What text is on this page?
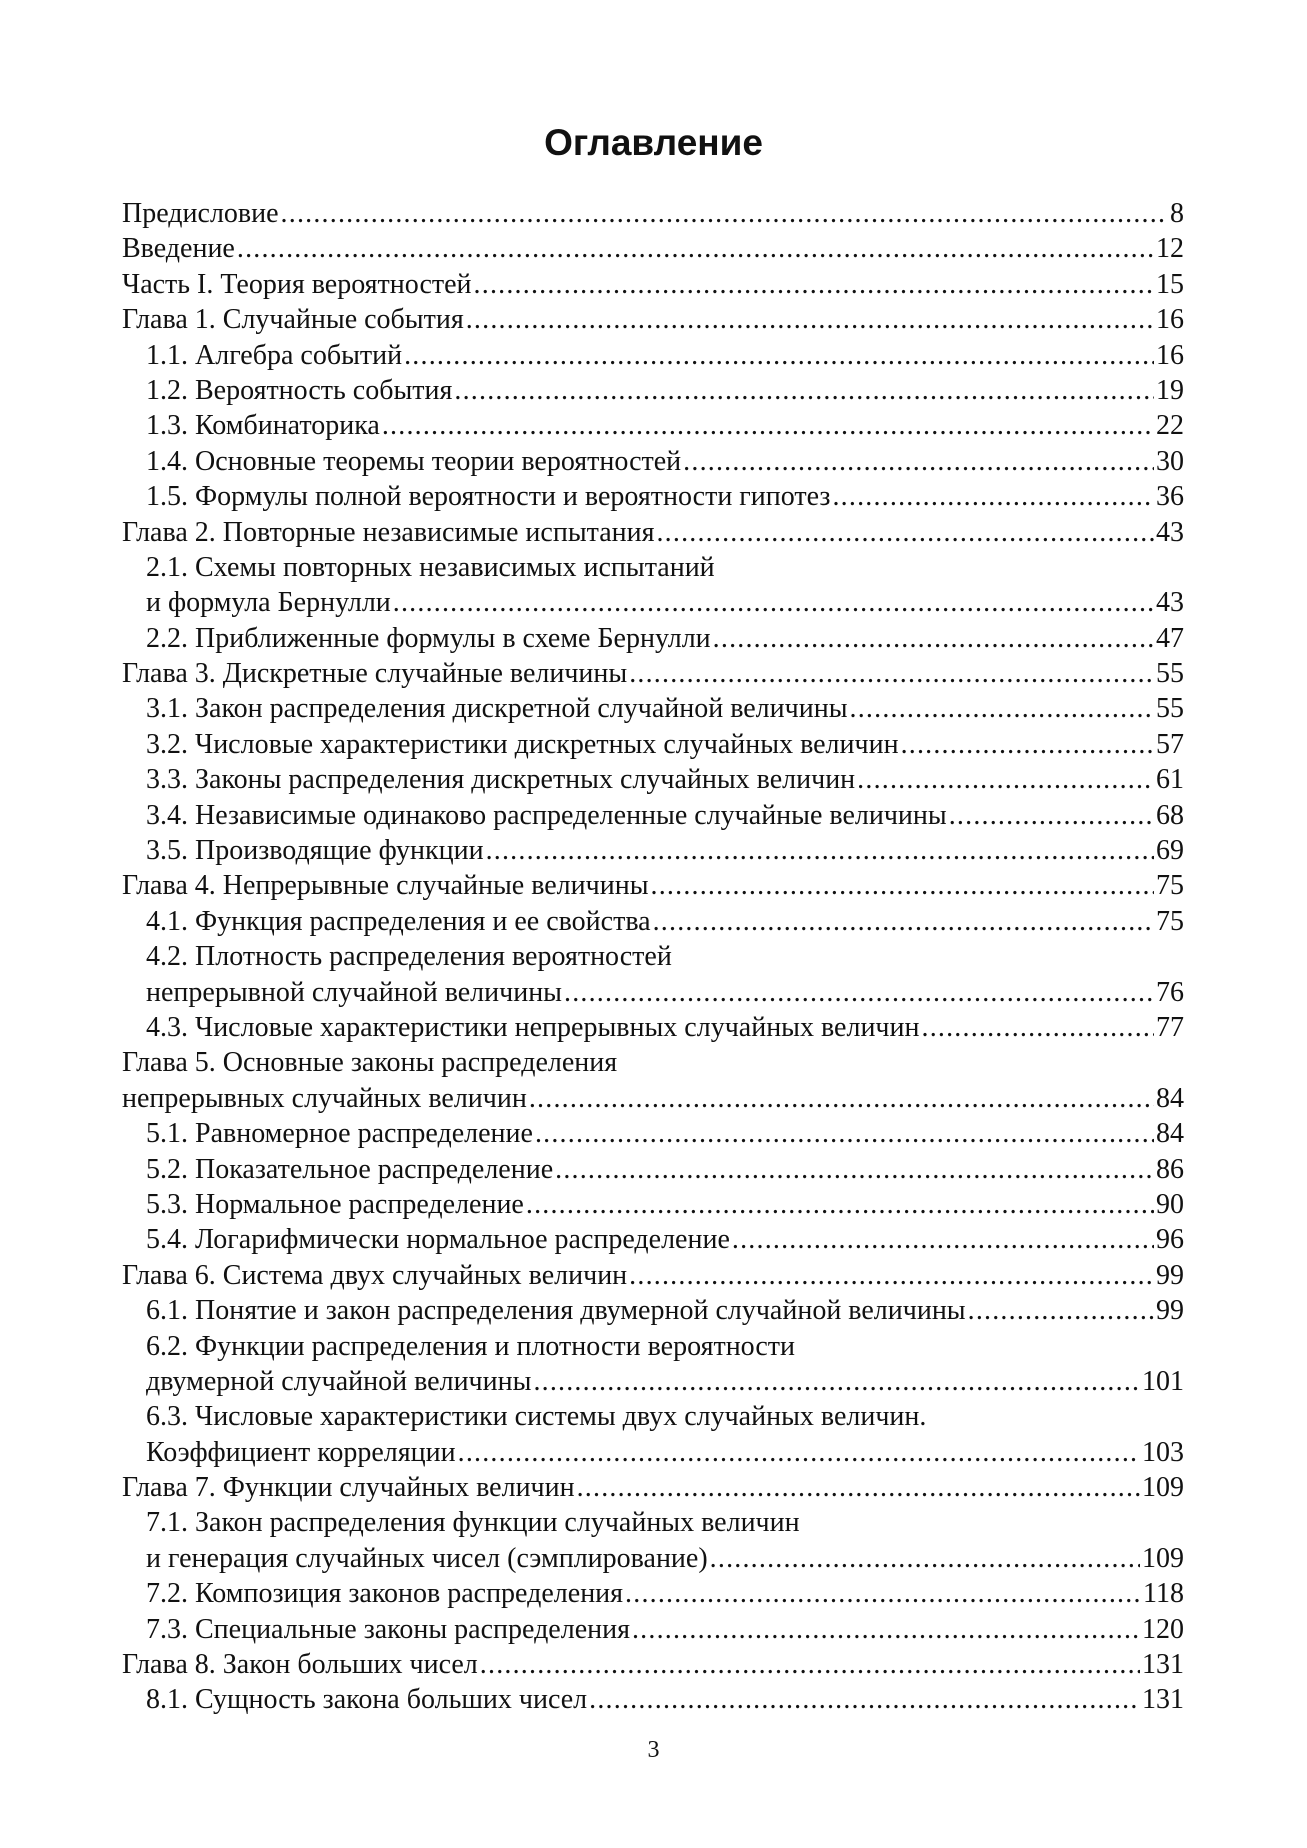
Оглавление
Предисловие .....	8
Введение .....	12
Часть I. Теория вероятностей .....	15
Глава 1. Случайные события .....	16
1.1. Алгебра событий .....	16
1.2. Вероятность события .....	19
1.3. Комбинаторика .....	22
1.4. Основные теоремы теории вероятностей .....	30
1.5. Формулы полной вероятности и вероятности гипотез .....	36
Глава 2. Повторные независимые испытания .....	43
2.1. Схемы повторных независимых испытаний
и формула Бернулли .....	43
2.2. Приближенные формулы в схеме Бернулли .....	47
Глава 3. Дискретные случайные величины .....	55
3.1. Закон распределения дискретной случайной величины .....	55
3.2. Числовые характеристики дискретных случайных величин .....	57
3.3. Законы распределения дискретных случайных величин .....	61
3.4. Независимые одинаково распределенные случайные величины .....	68
3.5. Производящие функции .....	69
Глава 4. Непрерывные случайные величины .....	75
4.1. Функция распределения и ее свойства .....	75
4.2. Плотность распределения вероятностей
непрерывной случайной величины .....	76
4.3. Числовые характеристики непрерывных случайных величин .....	77
Глава 5. Основные законы распределения
непрерывных случайных величин .....	84
5.1. Равномерное распределение .....	84
5.2. Показательное распределение .....	86
5.3. Нормальное распределение .....	90
5.4. Логарифмически нормальное распределение .....	96
Глава 6. Система двух случайных величин .....	99
6.1. Понятие и закон распределения двумерной случайной величины .....	99
6.2. Функции распределения и плотности вероятности
двумерной случайной величины .....	101
6.3. Числовые характеристики системы двух случайных величин.
Коэффициент корреляции .....	103
Глава 7. Функции случайных величин .....	109
7.1. Закон распределения функции случайных величин
и генерация случайных чисел (сэмплирование) .....	109
7.2. Композиция законов распределения .....	118
7.3. Специальные законы распределения .....	120
Глава 8. Закон больших чисел .....	131
8.1. Сущность закона больших чисел .....	131
3
